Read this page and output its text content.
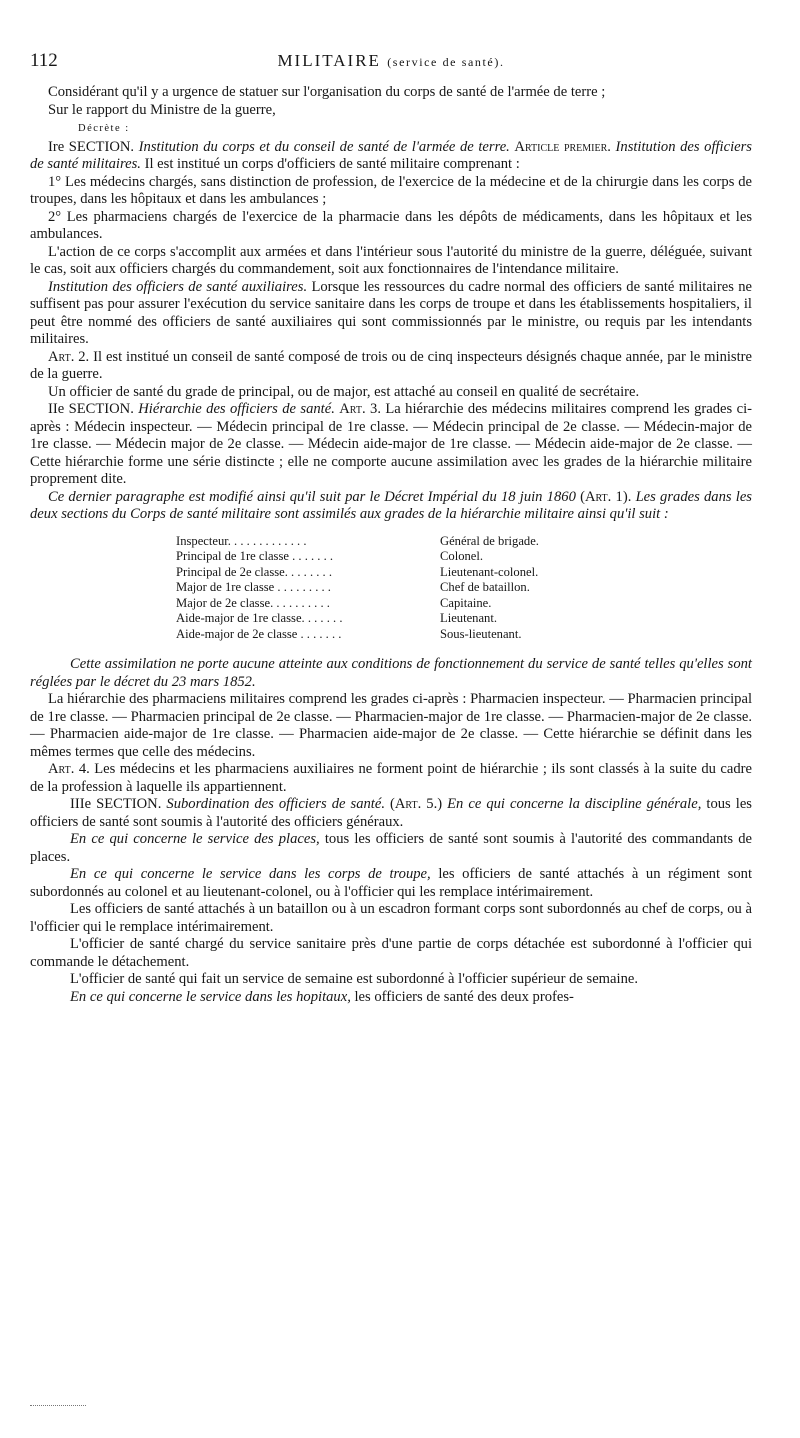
112	MILITAIRE (service de santé).

Considérant qu'il y a urgence de statuer sur l'organisation du corps de santé de l'armée de terre ;

Sur le rapport du Ministre de la guerre,

Décrète :

Ire SECTION. Institution du corps et du conseil de santé de l'armée de terre. Article premier. Institution des officiers de santé militaires. Il est institué un corps d'officiers de santé militaire comprenant :

1° Les médecins chargés, sans distinction de profession, de l'exercice de la médecine et de la chirurgie dans les corps de troupes, dans les hôpitaux et dans les ambulances ;

2° Les pharmaciens chargés de l'exercice de la pharmacie dans les dépôts de médicaments, dans les hôpitaux et les ambulances.

L'action de ce corps s'accomplit aux armées et dans l'intérieur sous l'autorité du ministre de la guerre, déléguée, suivant le cas, soit aux officiers chargés du commandement, soit aux fonctionnaires de l'intendance militaire.

Institution des officiers de santé auxiliaires. Lorsque les ressources du cadre normal des officiers de santé militaires ne suffisent pas pour assurer l'exécution du service sanitaire dans les corps de troupe et dans les établissements hospitaliers, il peut être nommé des officiers de santé auxiliaires qui sont commissionnés par le ministre, ou requis par les intendants militaires.

Art. 2. Il est institué un conseil de santé composé de trois ou de cinq inspecteurs désignés chaque année, par le ministre de la guerre.

Un officier de santé du grade de principal, ou de major, est attaché au conseil en qualité de secrétaire.

IIe SECTION. Hiérarchie des officiers de santé. Art. 3. La hiérarchie des médecins militaires comprend les grades ci-après : Médecin inspecteur. — Médecin principal de 1re classe. — Médecin principal de 2e classe. — Médecin-major de 1re classe. — Médecin major de 2e classe. — Médecin aide-major de 1re classe. — Médecin aide-major de 2e classe. — Cette hiérarchie forme une série distincte ; elle ne comporte aucune assimilation avec les grades de la hiérarchie militaire proprement dite.

Ce dernier paragraphe est modifié ainsi qu'il suit par le Décret Impérial du 18 juin 1860 (Art. 1). Les grades dans les deux sections du Corps de santé militaire sont assimilés aux grades de la hiérarchie militaire ainsi qu'il suit :

Inspecteur. . . . . . . . . . . . .	Général de brigade.
Principal de 1re classe . . . . . . .	Colonel.
Principal de 2e classe. . . . . . . .	Lieutenant-colonel.
Major de 1re classe . . . . . . . . .	Chef de bataillon.
Major de 2e classe. . . . . . . . . .	Capitaine.
Aide-major de 1re classe. . . . . . .	Lieutenant.
Aide-major de 2e classe . . . . . . .	Sous-lieutenant.

Cette assimilation ne porte aucune atteinte aux conditions de fonctionnement du service de santé telles qu'elles sont réglées par le décret du 23 mars 1852.

La hiérarchie des pharmaciens militaires comprend les grades ci-après : Pharmacien inspecteur. — Pharmacien principal de 1re classe. — Pharmacien principal de 2e classe. — Pharmacien-major de 1re classe. — Pharmacien-major de 2e classe. — Pharmacien aide-major de 1re classe. — Pharmacien aide-major de 2e classe. — Cette hiérarchie se définit dans les mêmes termes que celle des médecins.

Art. 4. Les médecins et les pharmaciens auxiliaires ne forment point de hiérarchie ; ils sont classés à la suite du cadre de la profession à laquelle ils appartiennent.

IIIe SECTION. Subordination des officiers de santé. (Art. 5.) En ce qui concerne la discipline générale, tous les officiers de santé sont soumis à l'autorité des officiers généraux.

En ce qui concerne le service des places, tous les officiers de santé sont soumis à l'autorité des commandants de places.

En ce qui concerne le service dans les corps de troupe, les officiers de santé attachés à un régiment sont subordonnés au colonel et au lieutenant-colonel, ou à l'officier qui les remplace intérimairement.

Les officiers de santé attachés à un bataillon ou à un escadron formant corps sont subordonnés au chef de corps, ou à l'officier qui le remplace intérimairement.

L'officier de santé chargé du service sanitaire près d'une partie de corps détachée est subordonné à l'officier qui commande le détachement.

L'officier de santé qui fait un service de semaine est subordonné à l'officier supérieur de semaine.

En ce qui concerne le service dans les hopitaux, les officiers de santé des deux profes-
